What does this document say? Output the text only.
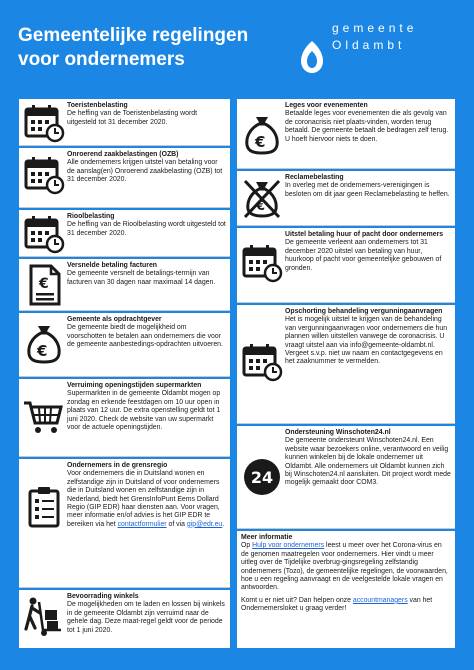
Gemeentelijke regelingen
voor ondernemers
gemeente
Oldambt
Toeristenbelasting
De heffing van de Toeristenbelasting wordt uitgesteld tot 31 december 2020.
Onroerend zaakbelastingen (OZB)
Alle ondernemers krijgen uitstel van betaling voor de aanslag(en) Onroerend zaakbelasting (OZB) tot 31 december 2020.
Rioolbelasting
De heffing van de Rioolbelasting wordt uitgesteld tot 31 december 2020.
€
Versnelde betaling facturen
De gemeente versnelt de betalings-termijn van facturen van 30 dagen naar maximaal 14 dagen.
€
Gemeente als opdrachtgever
De gemeente biedt de mogelijkheid om voorschotten te betalen aan ondernemers die voor de gemeente aanbestedings-opdrachten uitvoeren.
Verruiming openingstijden supermarkten
Supermarkten in de gemeente Oldambt mogen op zondag en erkende feestdagen om 10 uur open in plaats van 12 uur. De extra openstelling geldt tot 1 juni 2020. Check de website van uw supermarkt voor de actuele openingstijden.
Ondernemers in de grensregio
Voor ondernemers die in Duitsland wonen en zelfstandige zijn in Duitsland of voor ondernemers die in Duitsland wonen en zelfstandige zijn in Nederland, biedt het GrensInfoPunt Eems Dollard Regio (GIP EDR) haar diensten aan. Voor vragen, meer informatie en/of advies is het GIP EDR te bereiken via het contactformulier of via gip@edr.eu.
Bevoorrading winkels
De mogelijkheden om te laden en lossen bij winkels in de gemeente Oldambt zijn verruimd naar de gehele dag. Deze maat-regel geldt voor de periode tot 1 juni 2020.
€
Leges voor evenementen
Betaalde leges voor evenementen die als gevolg van de coronacrisis niet plaats-vinden, worden terug betaald. De gemeente betaalt de bedragen zelf terug. U hoeft hiervoor niets te doen.
€
Reclamebelasting
In overleg met de ondernemers-verenigingen is besloten om dit jaar geen Reclamebelasting te heffen.
Uitstel betaling huur of pacht door ondernemers
De gemeente verleent aan ondernemers tot 31 december 2020 uitstel van betaling van huur, huurkoop of pacht voor gemeentelijke gebouwen of gronden.
Opschorting behandeling vergunningaanvragen
Het is mogelijk uitstel te krijgen van de behandeling van vergunningaanvragen voor ondernemers die hun plannen willen uitstellen vanwege de coronacrisis. U vraagt uitstel aan via info@gemeente-oldambt.nl. Vergeet s.v.p. niet uw naam en contactgegevens en het zaaknummer te vermelden.
24
Ondersteuning Winschoten24.nl
De gemeente ondersteunt Winschoten24.nl. Een website waar bezoekers online, verantwoord en veilig kunnen winkelen bij de lokale ondernemer uit Oldambt. Alle ondernemers uit Oldambt kunnen zich bij Winschoten24.nl aansluiten. Dit project wordt mede mogelijk gemaakt door COM3.
Meer informatie

Op Hulp voor ondernemers leest u meer over het Corona-virus en de genomen maatregelen voor ondernemers. Hier vindt u meer uitleg over de Tijdelijke overbrug-gingsregeling zelfstandig ondernemers (Tozo), de gemeentelijke regelingen, de voorwaarden, hoe u een regeling aanvraagt en de veelgestelde lokale vragen en antwoorden.

Komt u er niet uit? Dan helpen onze accountmanagers van het Ondernemersloket u graag verder!
